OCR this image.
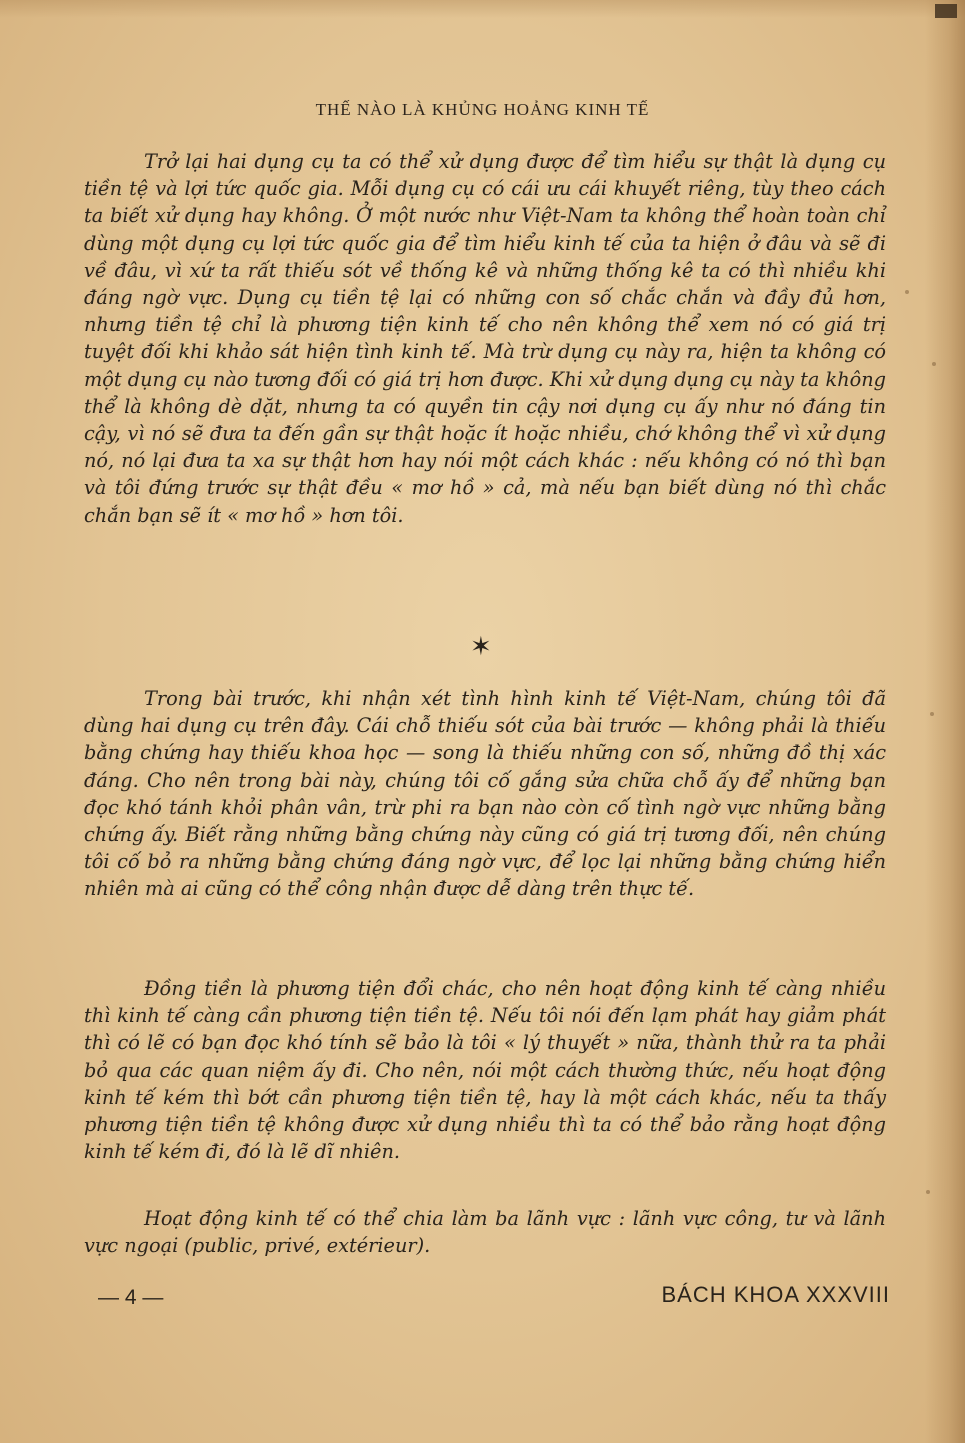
THẾ NÀO LÀ KHỦNG HOẢNG KINH TẾ

Trở lại hai dụng cụ ta có thể xử dụng được để tìm hiểu sự thật là dụng cụ tiền tệ và lợi tức quốc gia. Mỗi dụng cụ có cái ưu cái khuyết riêng, tùy theo cách ta biết xử dụng hay không. Ở một nước như Việt-Nam ta không thể hoàn toàn chỉ dùng một dụng cụ lợi tức quốc gia để tìm hiểu kinh tế của ta hiện ở đâu và sẽ đi về đâu, vì xứ ta rất thiếu sót về thống kê và những thống kê ta có thì nhiều khi đáng ngờ vực. Dụng cụ tiền tệ lại có những con số chắc chắn và đầy đủ hơn, nhưng tiền tệ chỉ là phương tiện kinh tế cho nên không thể xem nó có giá trị tuyệt đối khi khảo sát hiện tình kinh tế. Mà trừ dụng cụ này ra, hiện ta không có một dụng cụ nào tương đối có giá trị hơn được. Khi xử dụng dụng cụ này ta không thể là không dè dặt, nhưng ta có quyền tin cậy nơi dụng cụ ấy như nó đáng tin cậy, vì nó sẽ đưa ta đến gần sự thật hoặc ít hoặc nhiều, chớ không thể vì xử dụng nó, nó lại đưa ta xa sự thật hơn hay nói một cách khác : nếu không có nó thì bạn và tôi đứng trước sự thật đều « mơ hồ » cả, mà nếu bạn biết dùng nó thì chắc chắn bạn sẽ ít « mơ hồ » hơn tôi.

✶

Trong bài trước, khi nhận xét tình hình kinh tế Việt-Nam, chúng tôi đã dùng hai dụng cụ trên đây. Cái chỗ thiếu sót của bài trước — không phải là thiếu bằng chứng hay thiếu khoa học — song là thiếu những con số, những đồ thị xác đáng. Cho nên trong bài này, chúng tôi cố gắng sửa chữa chỗ ấy để những bạn đọc khó tánh khỏi phân vân, trừ phi ra bạn nào còn cố tình ngờ vực những bằng chứng ấy. Biết rằng những bằng chứng này cũng có giá trị tương đối, nên chúng tôi cố bỏ ra những bằng chứng đáng ngờ vực, để lọc lại những bằng chứng hiển nhiên mà ai cũng có thể công nhận được dễ dàng trên thực tế.

Đồng tiền là phương tiện đổi chác, cho nên hoạt động kinh tế càng nhiều thì kinh tế càng cần phương tiện tiền tệ. Nếu tôi nói đến lạm phát hay giảm phát thì có lẽ có bạn đọc khó tính sẽ bảo là tôi « lý thuyết » nữa, thành thử ra ta phải bỏ qua các quan niệm ấy đi. Cho nên, nói một cách thường thức, nếu hoạt động kinh tế kém thì bớt cần phương tiện tiền tệ, hay là một cách khác, nếu ta thấy phương tiện tiền tệ không được xử dụng nhiều thì ta có thể bảo rằng hoạt động kinh tế kém đi, đó là lẽ dĩ nhiên.

Hoạt động kinh tế có thể chia làm ba lãnh vực : lãnh vực công, tư và lãnh vực ngoại (public, privé, extérieur).

— 4 —	BÁCH KHOA XXXVIII
